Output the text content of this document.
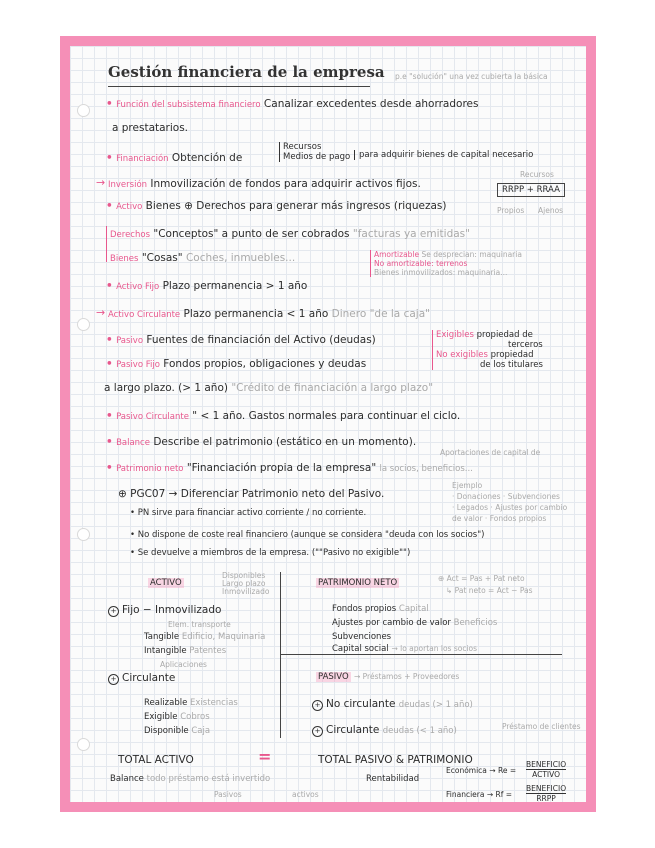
Gestión financiera de la empresa p.e "solución" una vez cubierta la básica
• Función del subsistema financiero Canalizar excedentes desde ahorradores
a prestatarios.
• Financiación Obtención de
Recursos
Medios de pago	para adquirir bienes de capital necesario
→ Inversión Inmovilización de fondos para adquirir activos fijos.
Recursos
RRPP + RRAA
Propios Ajenos
• Activo Bienes ⊕ Derechos para generar más ingresos (riquezas)
Derechos "Conceptos" a punto de ser cobrados "facturas ya emitidas"
Bienes "Cosas" Coches, inmuebles...	Amortizable Se desprecian: maquinaria
No amortizable: terrenos
Bienes inmovilizados: maquinaria...
• Activo Fijo Plazo permanencia > 1 año
→ Activo Circulante Plazo permanencia < 1 año Dinero "de la caja"
• Pasivo Fuentes de financiación del Activo (deudas)	Exigibles propiedad de
terceros
No exigibles propiedad
de los titulares
• Pasivo Fijo Fondos propios, obligaciones y deudas
a largo plazo. (> 1 año) "Crédito de financiación a largo plazo"
• Pasivo Circulante " < 1 año. Gastos normales para continuar el ciclo.
• Balance Describe el patrimonio (estático en un momento).
Aportaciones de capital de
• Patrimonio neto "Financiación propia de la empresa" la socios, beneficios...
⊕ PGC07 → Diferenciar Patrimonio neto del Pasivo.
• PN sirve para financiar activo corriente / no corriente.
• No dispone de coste real financiero (aunque se considera "deuda con los socios")
• Se devuelve a miembros de la empresa. (""Pasivo no exigible"")
Ejemplo
· Donaciones · Subvenciones
· Legados · Ajustes por cambio
de valor · Fondos propios
ACTIVO
Disponibles
Largo plazo
Inmovilizado
PATRIMONIO NETO	⊕ Act = Pas + Pat neto
↳ Pat neto = Act − Pas
+ Fijo − Inmovilizado
Elem. transporte
Tangible Edificio, Maquinaria
Intangible Patentes
Aplicaciones
Fondos propios Capital
Ajustes por cambio de valor Beneficios
Subvenciones
Capital social → lo aportan los socios
+ Circulante
Realizable Existencias
Exigible Cobros
Disponible Caja
PASIVO → Préstamos + Proveedores
+ No circulante deudas (> 1 año)
+ Circulante deudas (< 1 año)	Préstamo de clientes
TOTAL ACTIVO	=	TOTAL PASIVO & PATRIMONIO
Balance todo préstamo está invertido
Pasivos	activos
Rentabilidad
Económica → Re =
BENEFICIO
ACTIVO
Financiera → Rf =
BENEFICIO
RRPP
